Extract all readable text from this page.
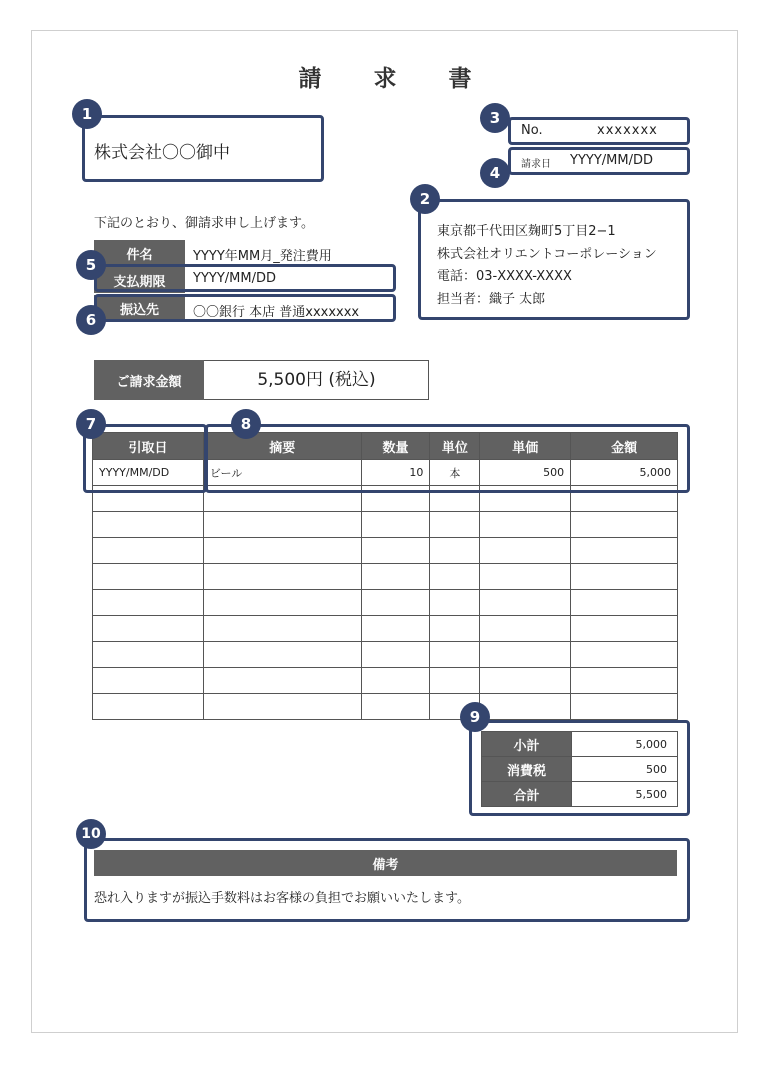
請 求 書
株式会社〇〇御中
1
No.	xxxxxxx
3
請求日 YYYY/MM/DD
4
下記のとおり、御請求申し上げます。
東京都千代田区麹町5丁目2−1
株式会社オリエントコーポレーション
電話：03-XXXX-XXXX
担当者：織子 太郎
2
件名	YYYY年MM月_発注費用
支払期限	YYYY/MM/DD
5
振込先	〇〇銀行 本店 普通xxxxxxx
6
ご請求金額	5,500円 (税込)
引取日	摘要	数量	単位	単価	金額
YYYY/MM/DD	ビール	10	本	500	5,000

7	8
小計	5,000
消費税	500
合計	5,500
9
備考
恐れ入りますが振込手数料はお客様の負担でお願いいたします。
10
